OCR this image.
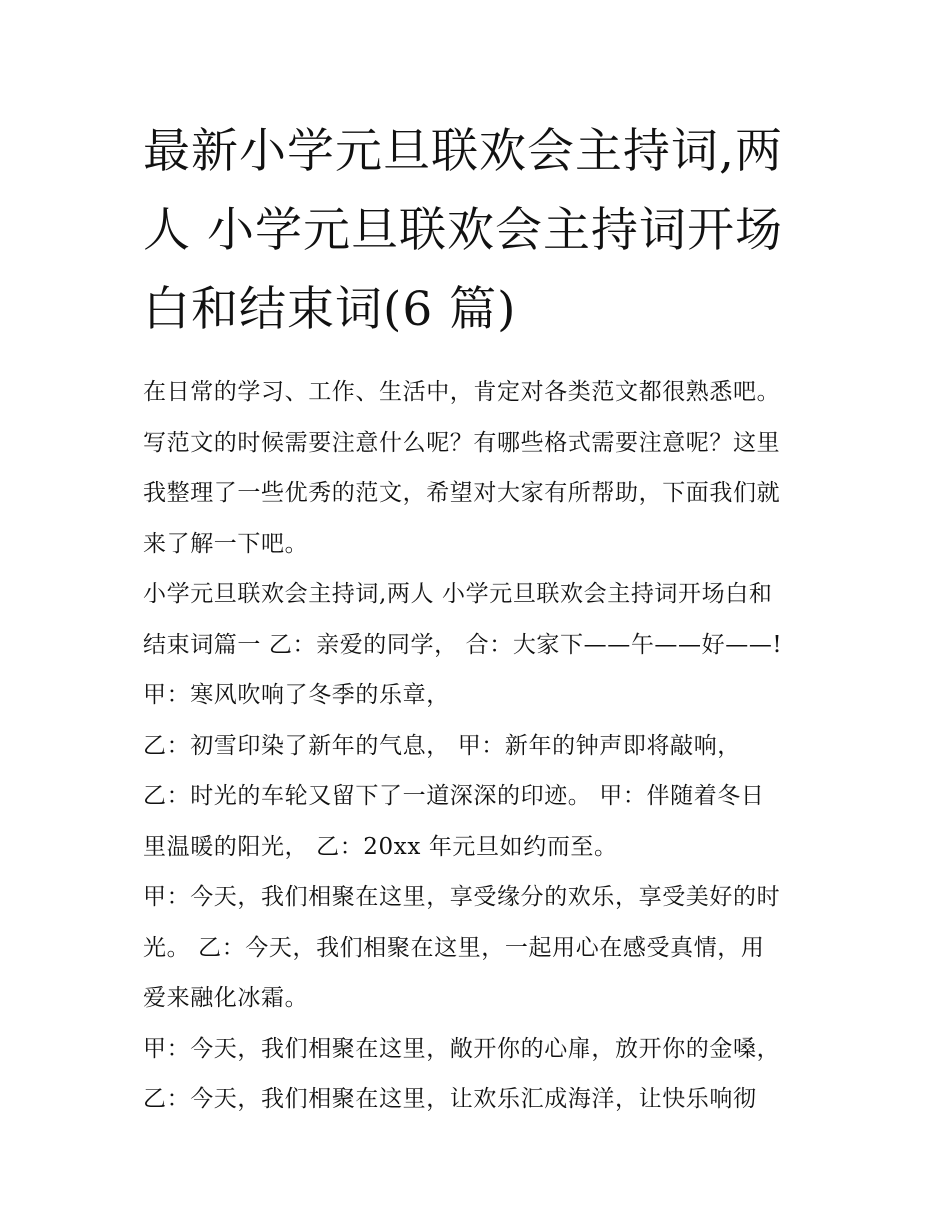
最新小学元旦联欢会主持词,两
人 小学元旦联欢会主持词开场
白和结束词(6 篇)

在日常的学习、工作、生活中，肯定对各类范文都很熟悉吧。
写范文的时候需要注意什么呢？有哪些格式需要注意呢？这里
我整理了一些优秀的范文，希望对大家有所帮助，下面我们就
来了解一下吧。

小学元旦联欢会主持词,两人 小学元旦联欢会主持词开场白和
结束词篇一 乙：亲爱的同学， 合：大家下——午——好——!

甲：寒风吹响了冬季的乐章，

乙：初雪印染了新年的气息， 甲：新年的钟声即将敲响，

乙：时光的车轮又留下了一道深深的印迹。 甲：伴随着冬日
里温暖的阳光， 乙：20xx 年元旦如约而至。

甲：今天，我们相聚在这里，享受缘分的欢乐，享受美好的时
光。 乙：今天，我们相聚在这里，一起用心在感受真情，用
爱来融化冰霜。

甲：今天，我们相聚在这里，敞开你的心扉，放开你的金嗓，
乙：今天，我们相聚在这里，让欢乐汇成海洋，让快乐响彻
